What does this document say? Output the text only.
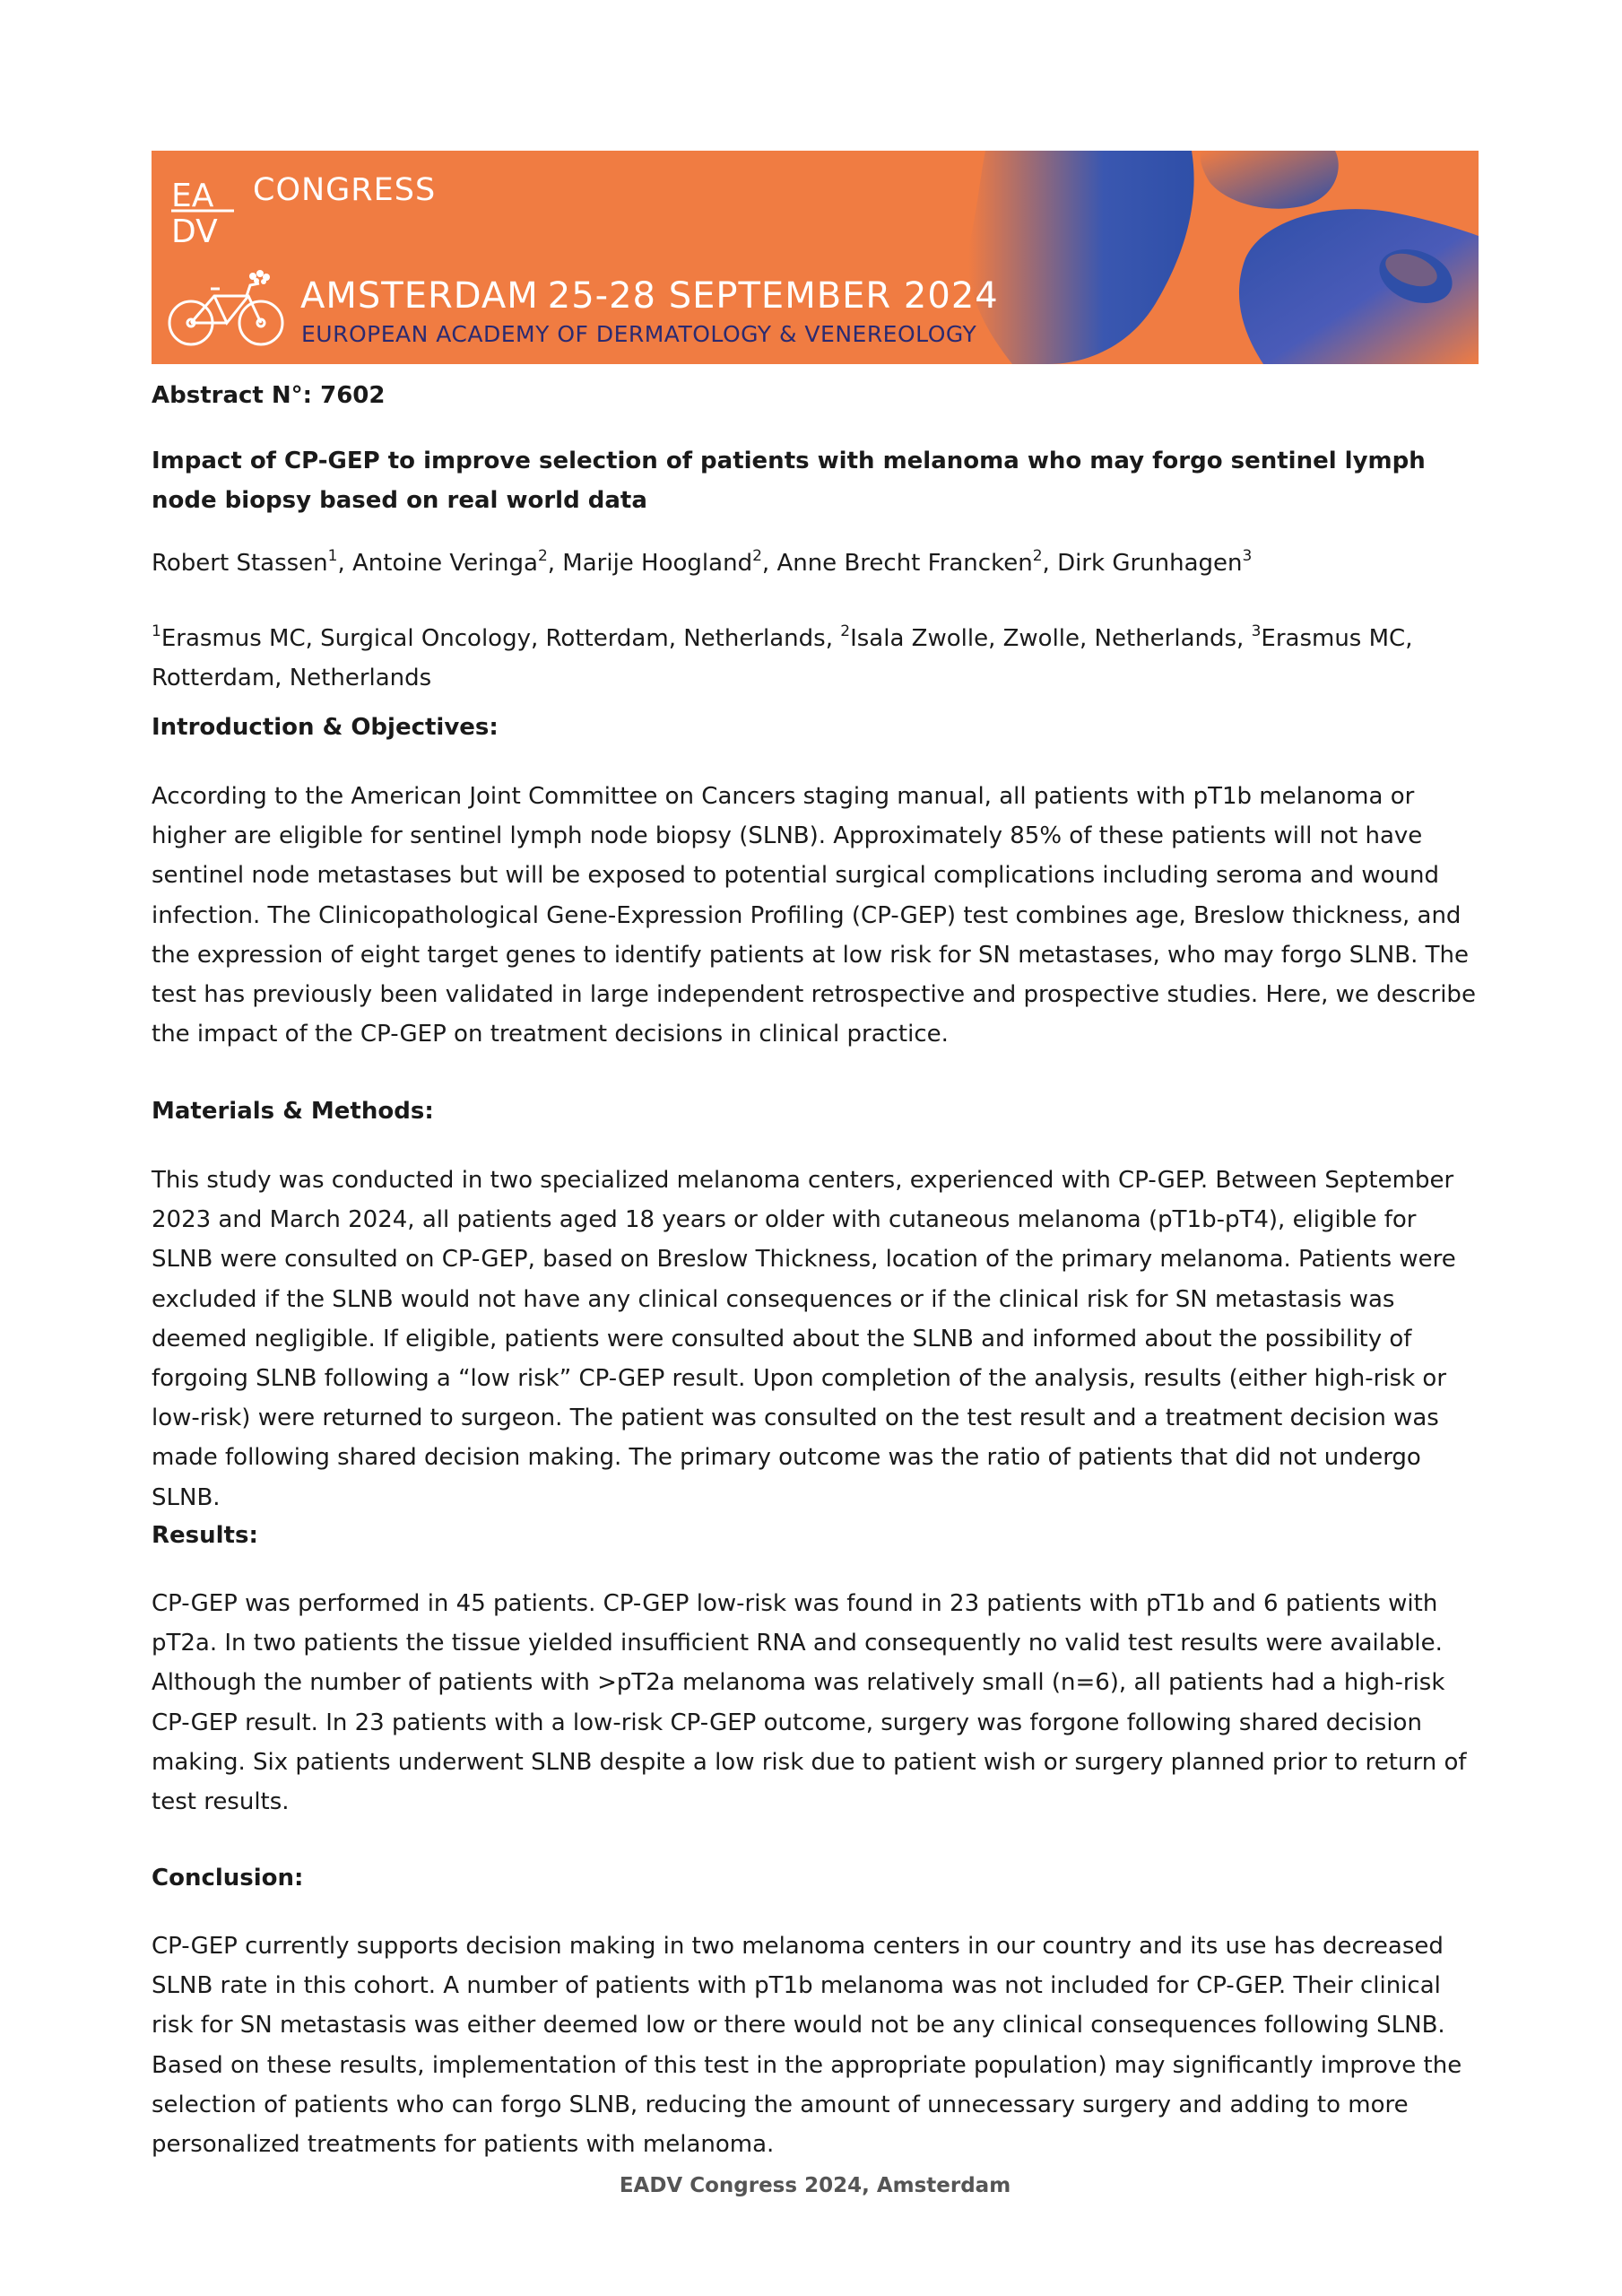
EA
DV
CONGRESS
AMSTERDAM 25-28 SEPTEMBER 2024
EUROPEAN ACADEMY OF DERMATOLOGY & VENEREOLOGY
Abstract N°: 7602
Impact of CP-GEP to improve selection of patients with melanoma who may forgo sentinel lymph node biopsy based on real world data
Robert Stassen$^1$, Antoine Veringa$^2$, Marije Hoogland$^2$, Anne Brecht Francken$^2$, Dirk Grunhagen$^3$
$^1$Erasmus MC, Surgical Oncology, Rotterdam, Netherlands, $^2$Isala Zwolle, Zwolle, Netherlands, $^3$Erasmus MC, Rotterdam, Netherlands
Introduction & Objectives:
According to the American Joint Committee on Cancers staging manual, all patients with pT1b melanoma or higher are eligible for sentinel lymph node biopsy (SLNB). Approximately 85% of these patients will not have sentinel node metastases but will be exposed to potential surgical complications including seroma and wound infection. The Clinicopathological Gene-Expression Profiling (CP-GEP) test combines age, Breslow thickness, and the expression of eight target genes to identify patients at low risk for SN metastases, who may forgo SLNB. The test has previously been validated in large independent retrospective and prospective studies. Here, we describe the impact of the CP-GEP on treatment decisions in clinical practice.
Materials & Methods:
This study was conducted in two specialized melanoma centers, experienced with CP-GEP. Between September 2023 and March 2024, all patients aged 18 years or older with cutaneous melanoma (pT1b-pT4), eligible for SLNB were consulted on CP-GEP, based on Breslow Thickness, location of the primary melanoma. Patients were excluded if the SLNB would not have any clinical consequences or if the clinical risk for SN metastasis was deemed negligible. If eligible, patients were consulted about the SLNB and informed about the possibility of forgoing SLNB following a “low risk” CP-GEP result. Upon completion of the analysis, results (either high-risk or low-risk) were returned to surgeon. The patient was consulted on the test result and a treatment decision was made following shared decision making. The primary outcome was the ratio of patients that did not undergo SLNB.
Results:
CP-GEP was performed in 45 patients. CP-GEP low-risk was found in 23 patients with pT1b and 6 patients with pT2a. In two patients the tissue yielded insufficient RNA and consequently no valid test results were available. Although the number of patients with >pT2a melanoma was relatively small (n=6), all patients had a high-risk CP-GEP result. In 23 patients with a low-risk CP-GEP outcome, surgery was forgone following shared decision making. Six patients underwent SLNB despite a low risk due to patient wish or surgery planned prior to return of test results.
Conclusion:
CP-GEP currently supports decision making in two melanoma centers in our country and its use has decreased SLNB rate in this cohort. A number of patients with pT1b melanoma was not included for CP-GEP. Their clinical risk for SN metastasis was either deemed low or there would not be any clinical consequences following SLNB. Based on these results, implementation of this test in the appropriate population) may significantly improve the selection of patients who can forgo SLNB, reducing the amount of unnecessary surgery and adding to more personalized treatments for patients with melanoma.
EADV Congress 2024, Amsterdam
